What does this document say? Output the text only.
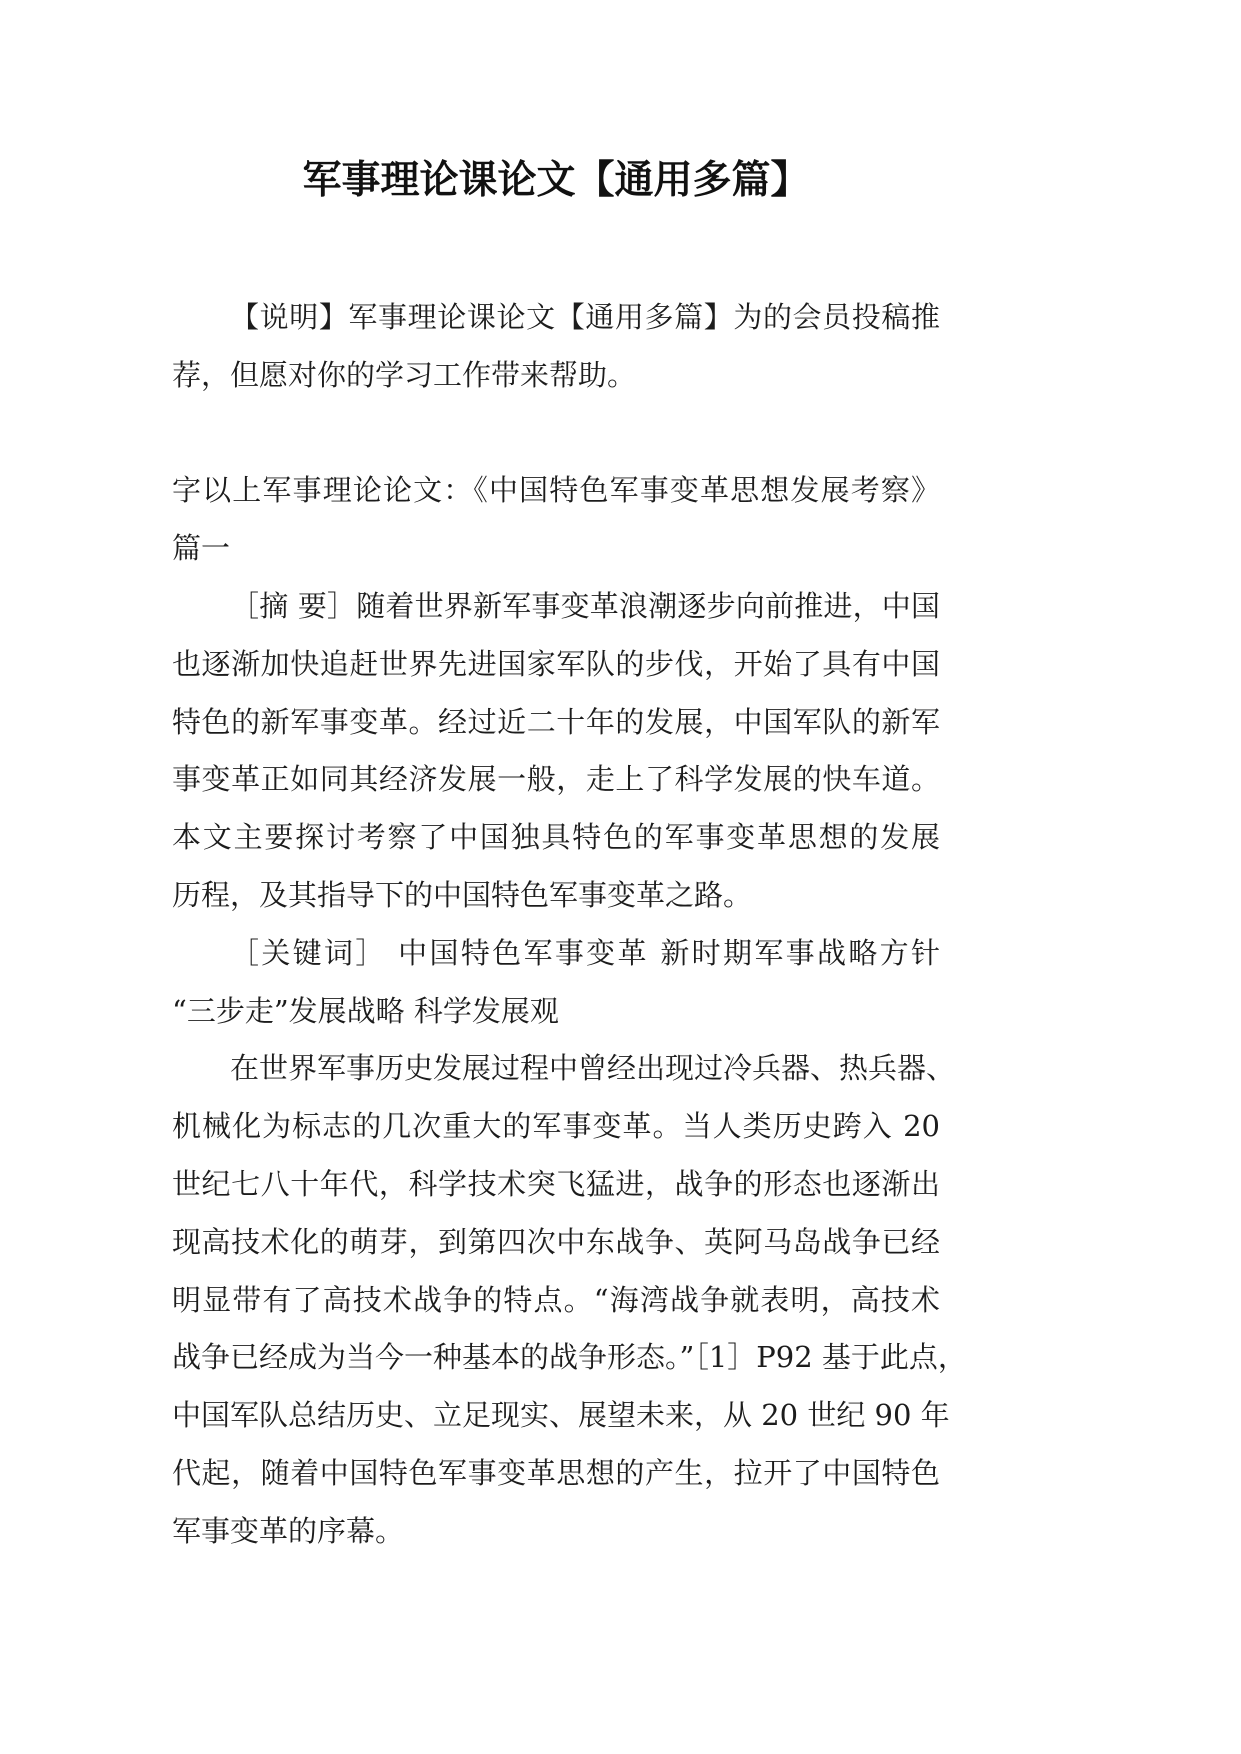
军事理论课论文【通用多篇】
【说明】军事理论课论文【通用多篇】为的会员投稿推
荐，但愿对你的学习工作带来帮助。
字以上军事理论论文：《中国特色军事变革思想发展考察》
篇一
［摘 要］随着世界新军事变革浪潮逐步向前推进，中国
也逐渐加快追赶世界先进国家军队的步伐，开始了具有中国
特色的新军事变革。经过近二十年的发展，中国军队的新军
事变革正如同其经济发展一般，走上了科学发展的快车道。
本文主要探讨考察了中国独具特色的军事变革思想的发展
历程，及其指导下的中国特色军事变革之路。
［关键词］ 中国特色军事变革 新时期军事战略方针
“三步走”发展战略 科学发展观
在世界军事历史发展过程中曾经出现过冷兵器、热兵器、
机械化为标志的几次重大的军事变革。当人类历史跨入 20
世纪七八十年代，科学技术突飞猛进，战争的形态也逐渐出
现高技术化的萌芽，到第四次中东战争、英阿马岛战争已经
明显带有了高技术战争的特点。“海湾战争就表明，高技术
战争已经成为当今一种基本的战争形态。”［1］P92 基于此点，
中国军队总结历史、立足现实、展望未来，从 20 世纪 90 年
代起，随着中国特色军事变革思想的产生，拉开了中国特色
军事变革的序幕。
